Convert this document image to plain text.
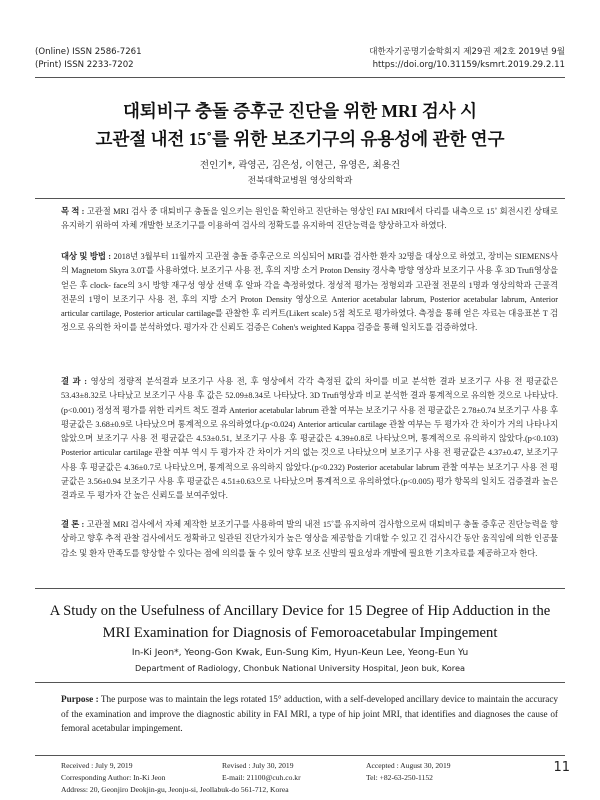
(Online) ISSN 2586-7261
(Print) ISSN 2233-7202
대한자기공명기술학회지 제29권 제2호 2019년 9월
https://doi.org/10.31159/ksmrt.2019.29.2.11
대퇴비구 충돌 증후군 진단을 위한 MRI 검사 시
고관절 내전 15˚를 위한 보조기구의 유용성에 관한 연구
전인기*, 곽영곤, 김은성, 이현근, 유영은, 최용건
전북대학교병원 영상의학과
목 적 : 고관절 MRI 검사 중 대퇴비구 충돌을 일으키는 원인을 확인하고 진단하는 영상인 FAI MRI에서 다리를 내측으로 15˚ 회전시킨 상태로 유지하기 위하여 자체 개발한 보조기구를 이용하여 검사의 정확도를 유지하여 진단능력을 향상하고자 하였다.
대상 및 방법 : 2018년 3월부터 11월까지 고관절 충돌 증후군으로 의심되어 MRI를 검사한 환자 32명을 대상으로 하였고, 장비는 SIEMENS사의 Magnetom Skyra 3.0T를 사용하였다. 보조기구 사용 전, 후의 지방 소거 Proton Density 경사축 방향 영상과 보조기구 사용 후 3D Trufi영상을 얻은 후 clock- face의 3시 방향 재구성 영상 선택 후 알파 각을 측정하였다. 정성적 평가는 정형외과 고관절 전문의 1명과 영상의학과 근골격 전문의 1명이 보조기구 사용 전, 후의 지방 소거 Proton Density 영상으로 Anterior acetabular labrum, Posterior acetabular labrum, Anterior articular cartilage, Posterior articular cartilage를 관찰한 후 리커트(Likert scale) 5점 척도로 평가하였다. 측정을 통해 얻은 자료는 대응표본 T 검정으로 유의한 차이를 분석하였다. 평가자 간 신뢰도 검증은 Cohen's weighted Kappa 검증을 통해 일치도를 검증하였다.
결 과 : 영상의 정량적 분석결과 보조기구 사용 전, 후 영상에서 각각 측정된 값의 차이를 비교 분석한 결과 보조기구 사용 전 평균값은 53.43±8.32로 나타났고 보조기구 사용 후 값은 52.09±8.34로 나타났다. 3D Trufi영상과 비교 분석한 결과 통계적으로 유의한 것으로 나타났다.(p<0.001) 정성적 평가를 위한 리커트 척도 결과 Anterior acetabular labrum 관찰 여부는 보조기구 사용 전 평균값은 2.78±0.74 보조기구 사용 후 평균값은 3.68±0.9로 나타났으며 통계적으로 유의하였다.(p<0.024) Anterior articular cartilage 관찰 여부는 두 평가자 간 차이가 거의 나타나지 않았으며 보조기구 사용 전 평균값은 4.53±0.51, 보조기구 사용 후 평균값은 4.39±0.8로 나타났으며, 통계적으로 유의하지 않았다.(p<0.103) Posterior articular cartilage 관찰 여부 역시 두 평가자 간 차이가 거의 없는 것으로 나타났으며 보조기구 사용 전 평균값은 4.37±0.47, 보조기구 사용 후 평균값은 4.36±0.7로 나타났으며, 통계적으로 유의하지 않았다.(p<0.232) Posterior acetabular labrum 관찰 여부는 보조기구 사용 전 평균값은 3.56±0.94 보조기구 사용 후 평균값은 4.51±0.63으로 나타났으며 통계적으로 유의하였다.(p<0.005) 평가 항목의 일치도 검증결과 높은 결과로 두 평가자 간 높은 신뢰도를 보여주었다.
결 론 : 고관절 MRI 검사에서 자체 제작한 보조기구를 사용하여 발의 내전 15˚를 유지하여 검사함으로써 대퇴비구 충돌 증후군 진단능력을 향상하고 향후 추적 관찰 검사에서도 정확하고 일관된 진단가치가 높은 영상을 제공함을 기대할 수 있고 긴 검사시간 동안 움직임에 의한 인공물 감소 및 환자 만족도를 향상할 수 있다는 점에 의의를 둘 수 있어 향후 보조 신발의 필요성과 개발에 필요한 기초자료를 제공하고자 한다.
A Study on the Usefulness of Ancillary Device for 15 Degree of Hip Adduction in the
MRI Examination for Diagnosis of Femoroacetabular Impingement
In-Ki Jeon*, Yeong-Gon Kwak, Eun-Sung Kim, Hyun-Keun Lee, Yeong-Eun Yu
Department of Radiology, Chonbuk National University Hospital, Jeon buk, Korea
Purpose : The purpose was to maintain the legs rotated 15° adduction, with a self-developed ancillary device to maintain the accuracy of the examination and improve the diagnostic ability in FAI MRI, a type of hip joint MRI, that identifies and diagnoses the cause of femoral acetabular impingement.
Received : July 9, 2019	Revised : July 30, 2019	Accepted : August 30, 2019
Corresponding Author: In-Ki Jeon	E-mail: 21100@cuh.co.kr	Tel: +82-63-250-1152
Address: 20, Geonjiro Deokjin-gu, Jeonju-si, Jeollabuk-do 561-712, Korea
11
